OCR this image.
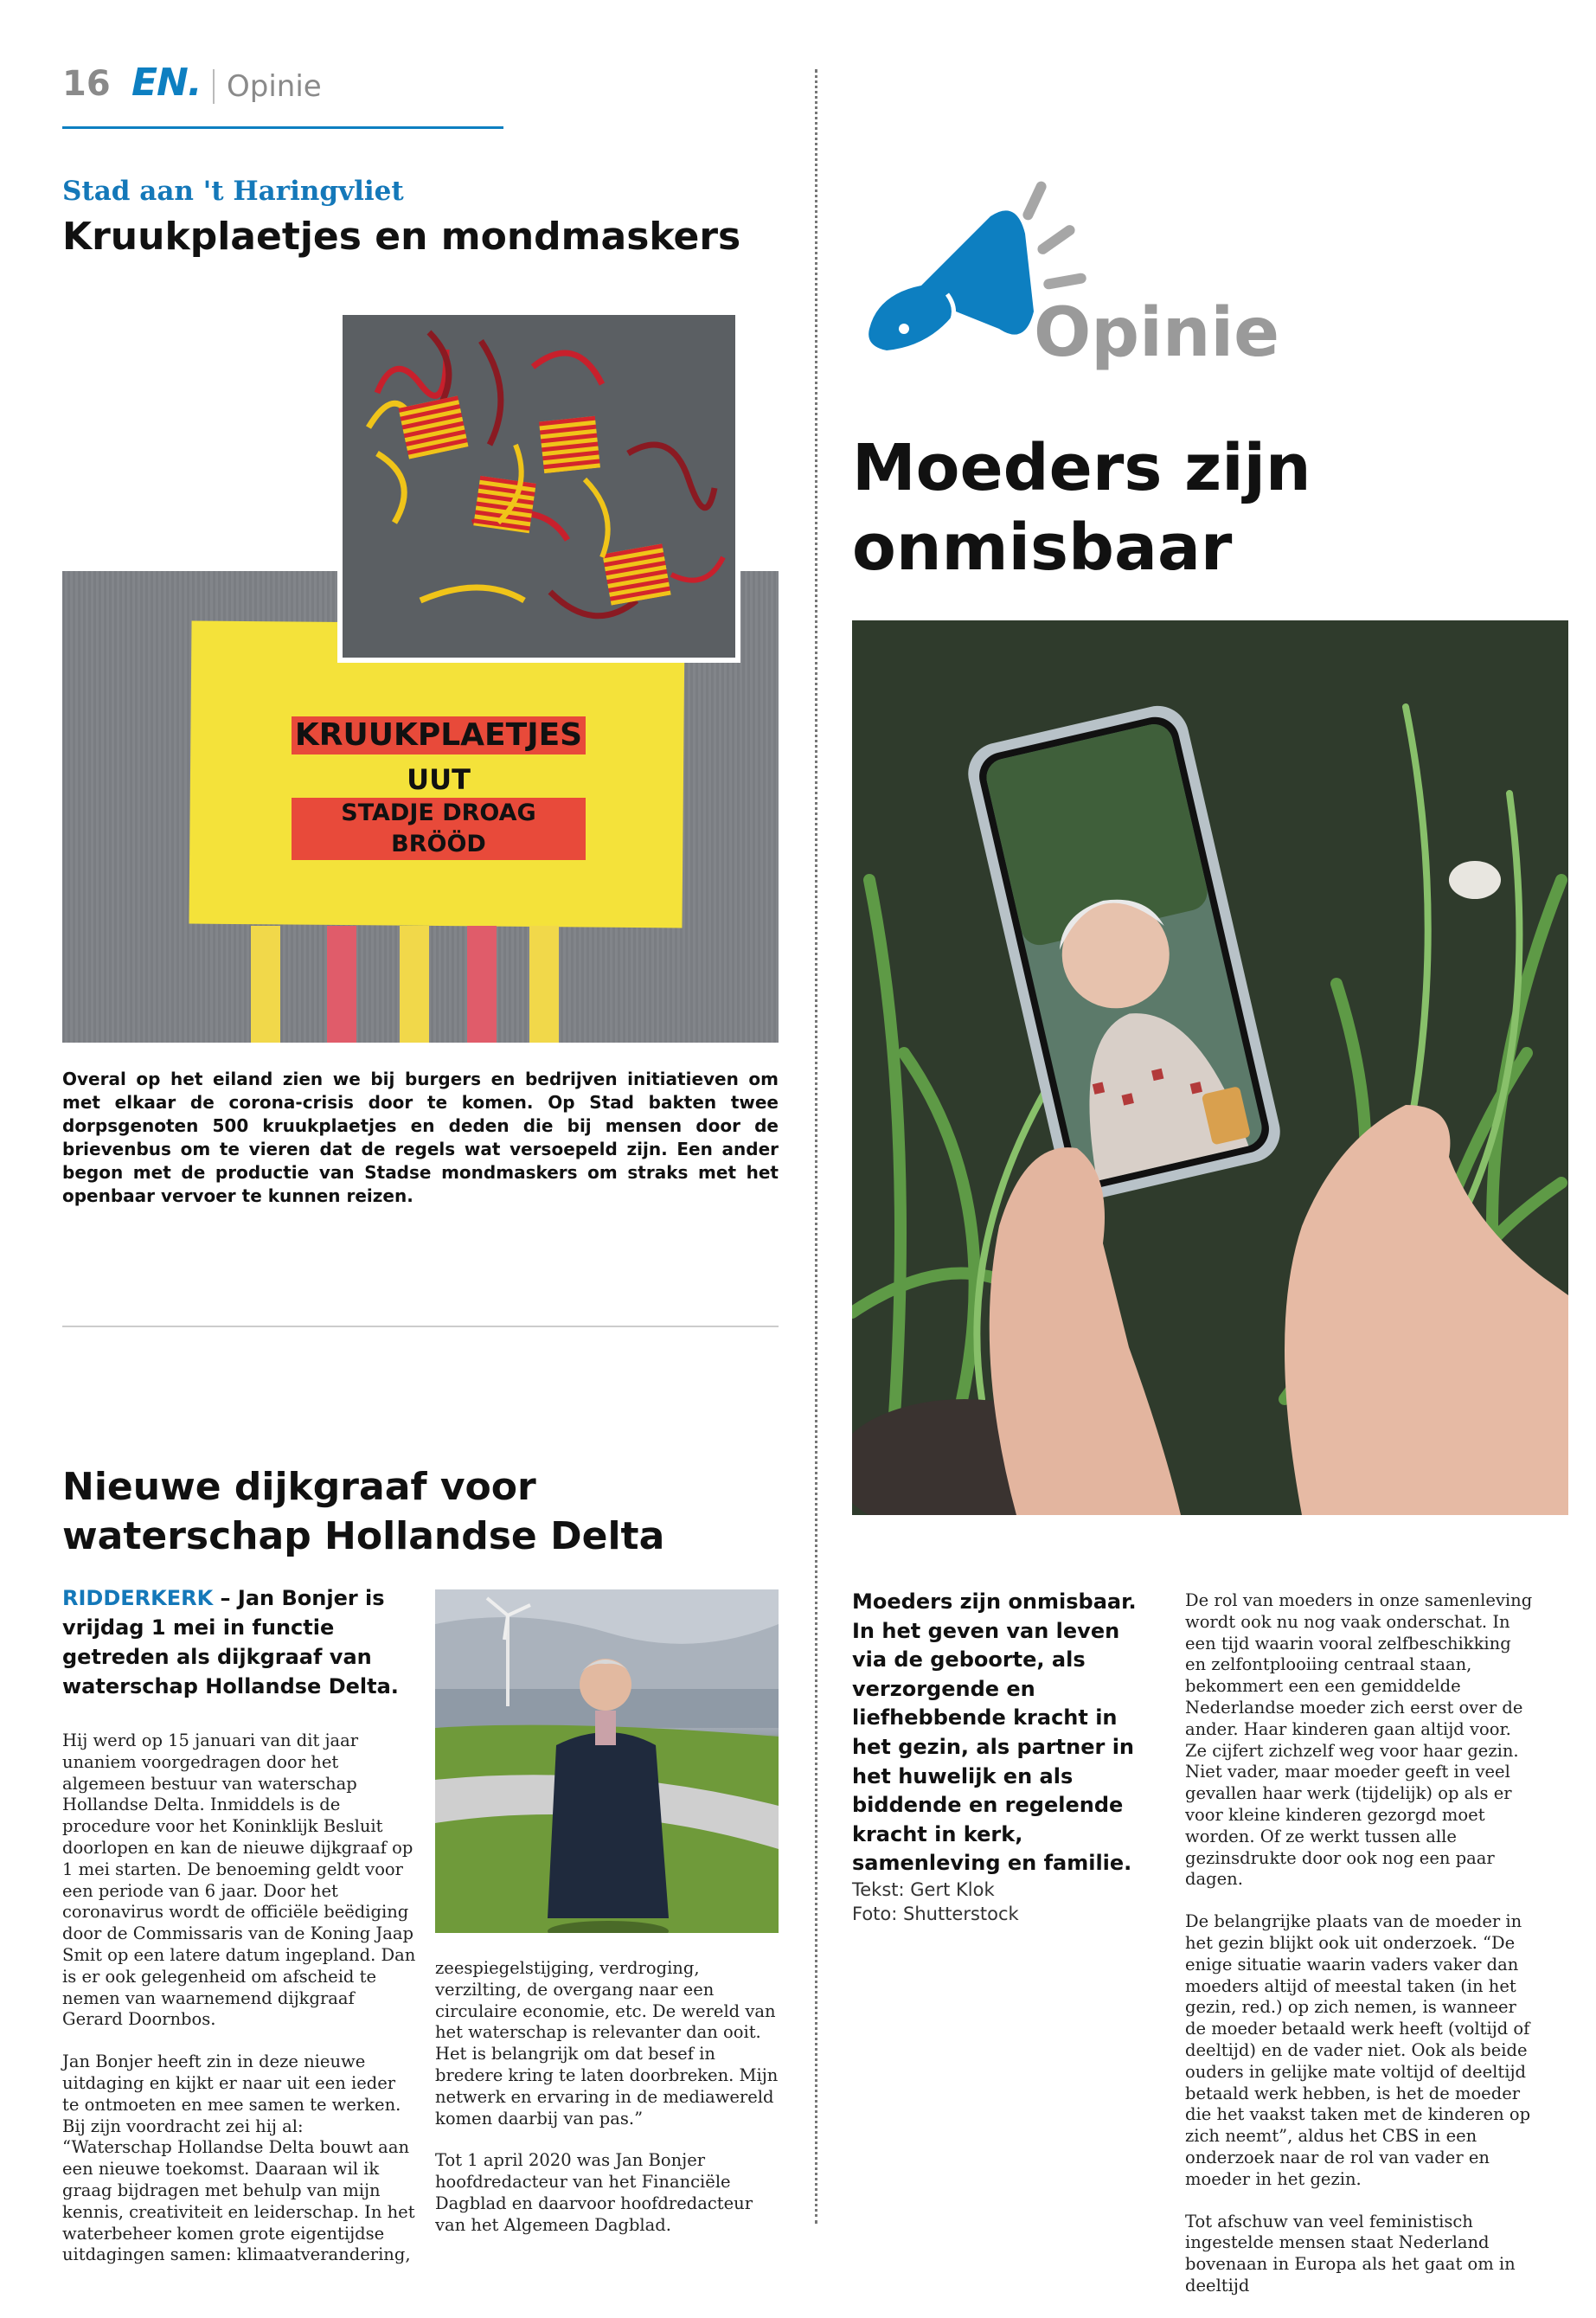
16 EN. Opinie
Stad aan 't Haringvliet
Kruukplaetjes en mondmaskers
KRUUKPLAETJES
UUT
STADJE DROAG BRÖÖD
Overal op het eiland zien we bij burgers en bedrijven initiatieven om met elkaar de corona-crisis door te komen. Op Stad bakten twee dorpsgenoten 500 kruukplaetjes en deden die bij mensen door de brievenbus om te vieren dat de regels wat versoepeld zijn. Een ander begon met de productie van Stadse mondmaskers om straks met het openbaar vervoer te kunnen reizen.
Nieuwe dijkgraaf voor waterschap Hollandse Delta
RIDDERKERK – Jan Bonjer is vrijdag 1 mei in functie getreden als dijkgraaf van waterschap Hollandse Delta.

Hij werd op 15 januari van dit jaar unaniem voorgedragen door het algemeen bestuur van waterschap Hollandse Delta. Inmiddels is de procedure voor het Koninklijk Besluit doorlopen en kan de nieuwe dijkgraaf op 1 mei starten. De benoeming geldt voor een periode van 6 jaar. Door het coronavirus wordt de officiële beëdiging door de Commissaris van de Koning Jaap Smit op een latere datum ingepland. Dan is er ook gelegenheid om afscheid te nemen van waarnemend dijkgraaf Gerard Doornbos.

Jan Bonjer heeft zin in deze nieuwe uitdaging en kijkt er naar uit een ieder te ontmoeten en mee samen te werken. Bij zijn voordracht zei hij al: “Waterschap Hollandse Delta bouwt aan een nieuwe toekomst. Daaraan wil ik graag bijdragen met behulp van mijn kennis, creativiteit en leiderschap. In het waterbeheer komen grote eigentijdse uitdagingen samen: klimaatverandering,

zeespiegelstijging, verdroging, verzilting, de overgang naar een circulaire economie, etc. De wereld van het waterschap is relevanter dan ooit. Het is belangrijk om dat besef in bredere kring te laten doorbreken. Mijn netwerk en ervaring in de mediawereld komen daarbij van pas.”

Tot 1 april 2020 was Jan Bonjer hoofdredacteur van het Financiële Dagblad en daarvoor hoofdredacteur van het Algemeen Dagblad.

Opinie
Moeders zijn onmisbaar
Moeders zijn onmisbaar. In het geven van leven via de geboorte, als verzorgende en liefhebbende kracht in het gezin, als partner in het huwelijk en als biddende en regelende kracht in kerk, samenleving en familie.
Tekst: Gert Klok
Foto: Shutterstock

De rol van moeders in onze samenleving wordt ook nu nog vaak onderschat. In een tijd waarin vooral zelfbeschikking en zelfontplooiing centraal staan, bekommert een een gemiddelde Nederlandse moeder zich eerst over de ander. Haar kinderen gaan altijd voor. Ze cijfert zichzelf weg voor haar gezin. Niet vader, maar moeder geeft in veel gevallen haar werk (tijdelijk) op als er voor kleine kinderen gezorgd moet worden. Of ze werkt tussen alle gezinsdrukte door ook nog een paar dagen.

De belangrijke plaats van de moeder in het gezin blijkt ook uit onderzoek. “De enige situatie waarin vaders vaker dan moeders altijd of meestal taken (in het gezin, red.) op zich nemen, is wanneer de moeder betaald werk heeft (voltijd of deeltijd) en de vader niet. Ook als beide ouders in gelijke mate voltijd of deeltijd betaald werk hebben, is het de moeder die het vaakst taken met de kinderen op zich neemt”, aldus het CBS in een onderzoek naar de rol van vader en moeder in het gezin.

Tot afschuw van veel feministisch ingestelde mensen staat Nederland bovenaan in Europa als het gaat om in deeltijd
